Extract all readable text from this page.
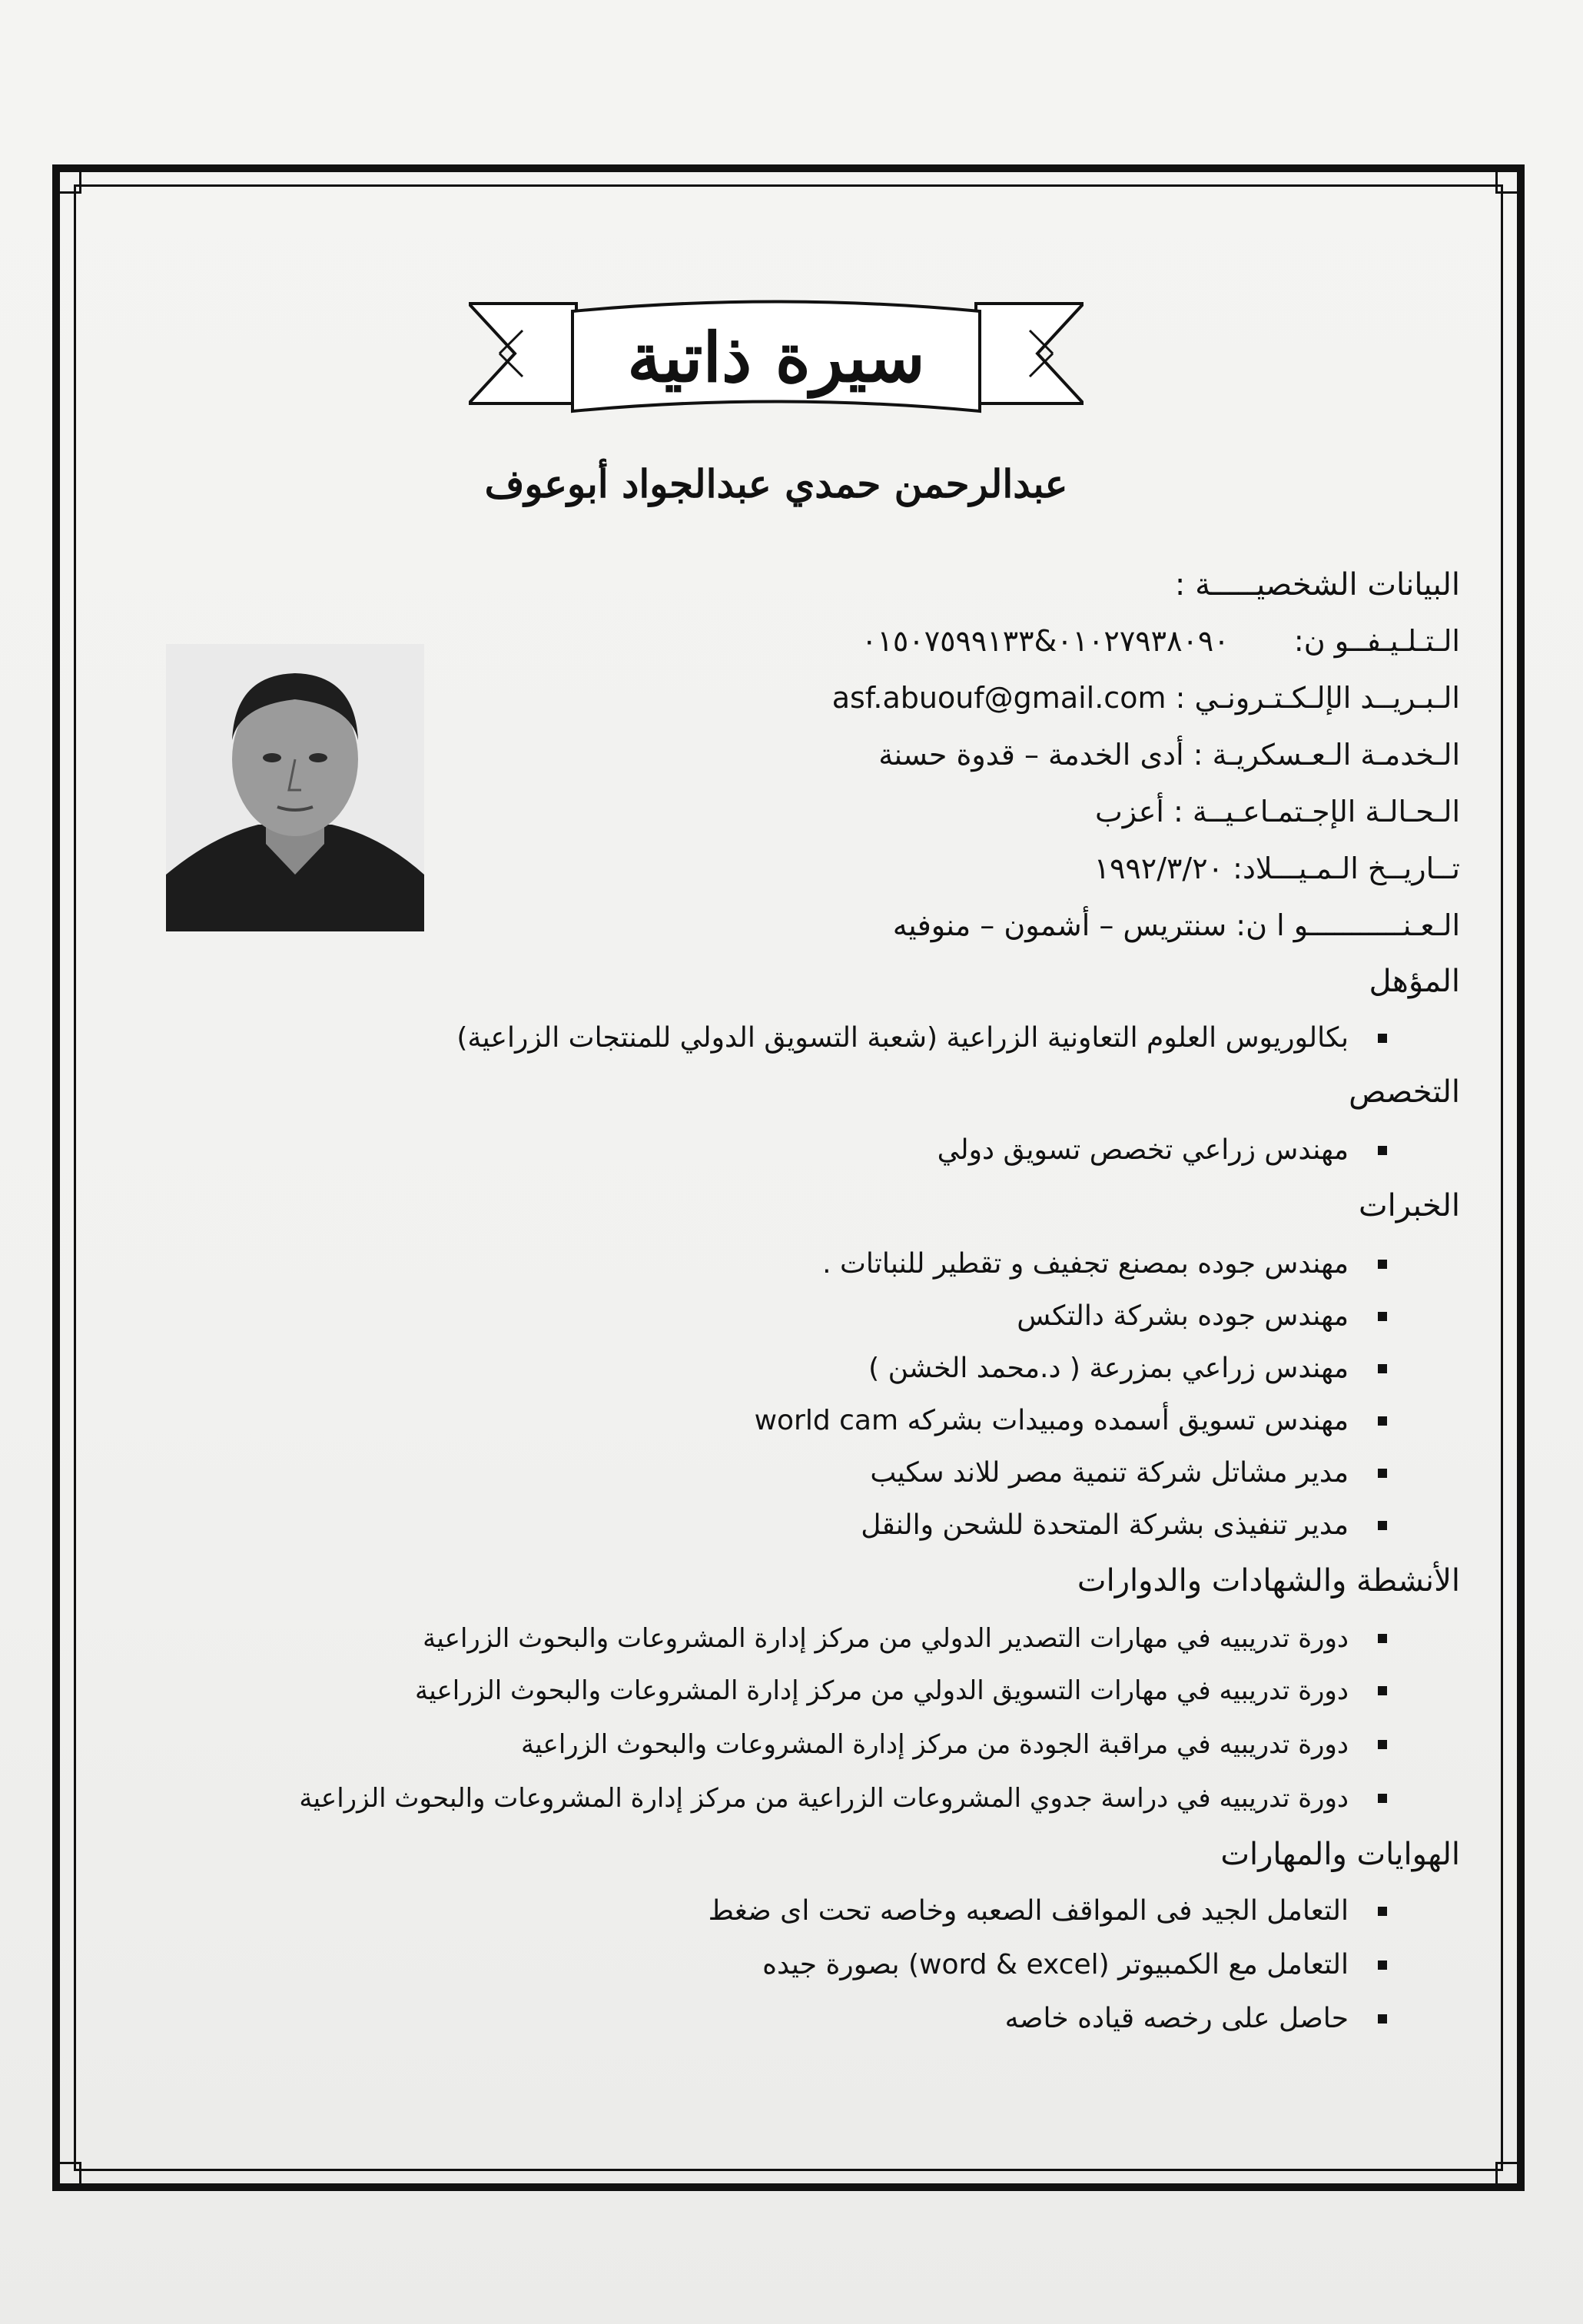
سيرة ذاتية
عبدالرحمن حمدي عبدالجواد أبوعوف
البيانات الشخصيـــــة :
الـتـلـيـفــو ن:  ٠١٠٢٧٩٣٨٠٩٠&٠١٥٠٧٥٩٩١٣٣
الـبـريــد الإلـكـتـرونـي : asf.abuouf@gmail.com
الـخدمـة الـعـسكريـة : أدى الخدمة – قدوة حسنة
الـحـالـة الإجـتمـاعـيــة : أعزب
تــاريــخ الـمـيـــلاد: ١٩٩٢/٣/٢٠
الـعـنـــــــــــو ا ن: سنتريس – أشمون – منوفيه
المؤهل
بكالوريوس العلوم التعاونية الزراعية (شعبة التسويق الدولي للمنتجات الزراعية)
التخصص
مهندس زراعي تخصص تسويق دولي
الخبرات
مهندس جوده بمصنع تجفيف و تقطير للنباتات .
مهندس جوده بشركة دالتكس
مهندس زراعي بمزرعة ( د.محمد الخشن )
مهندس تسويق أسمده ومبيدات بشركه world cam
مدير مشاتل شركة تنمية مصر للاند سكيب
مدير تنفيذى بشركة المتحدة للشحن والنقل
الأنشطة والشهادات والدوارات
دورة تدريبيه في مهارات التصدير الدولي من مركز إدارة المشروعات والبحوث الزراعية
دورة تدريبيه في مهارات التسويق الدولي من مركز إدارة المشروعات والبحوث الزراعية
دورة تدريبيه في مراقبة الجودة من مركز إدارة المشروعات والبحوث الزراعية
دورة تدريبيه في دراسة جدوي المشروعات الزراعية من مركز إدارة المشروعات والبحوث الزراعية
الهوايات والمهارات
التعامل الجيد فى المواقف الصعبه وخاصه تحت اى ضغط
التعامل مع الكمبيوتر (word & excel) بصورة جيده
حاصل على رخصه قياده خاصه
